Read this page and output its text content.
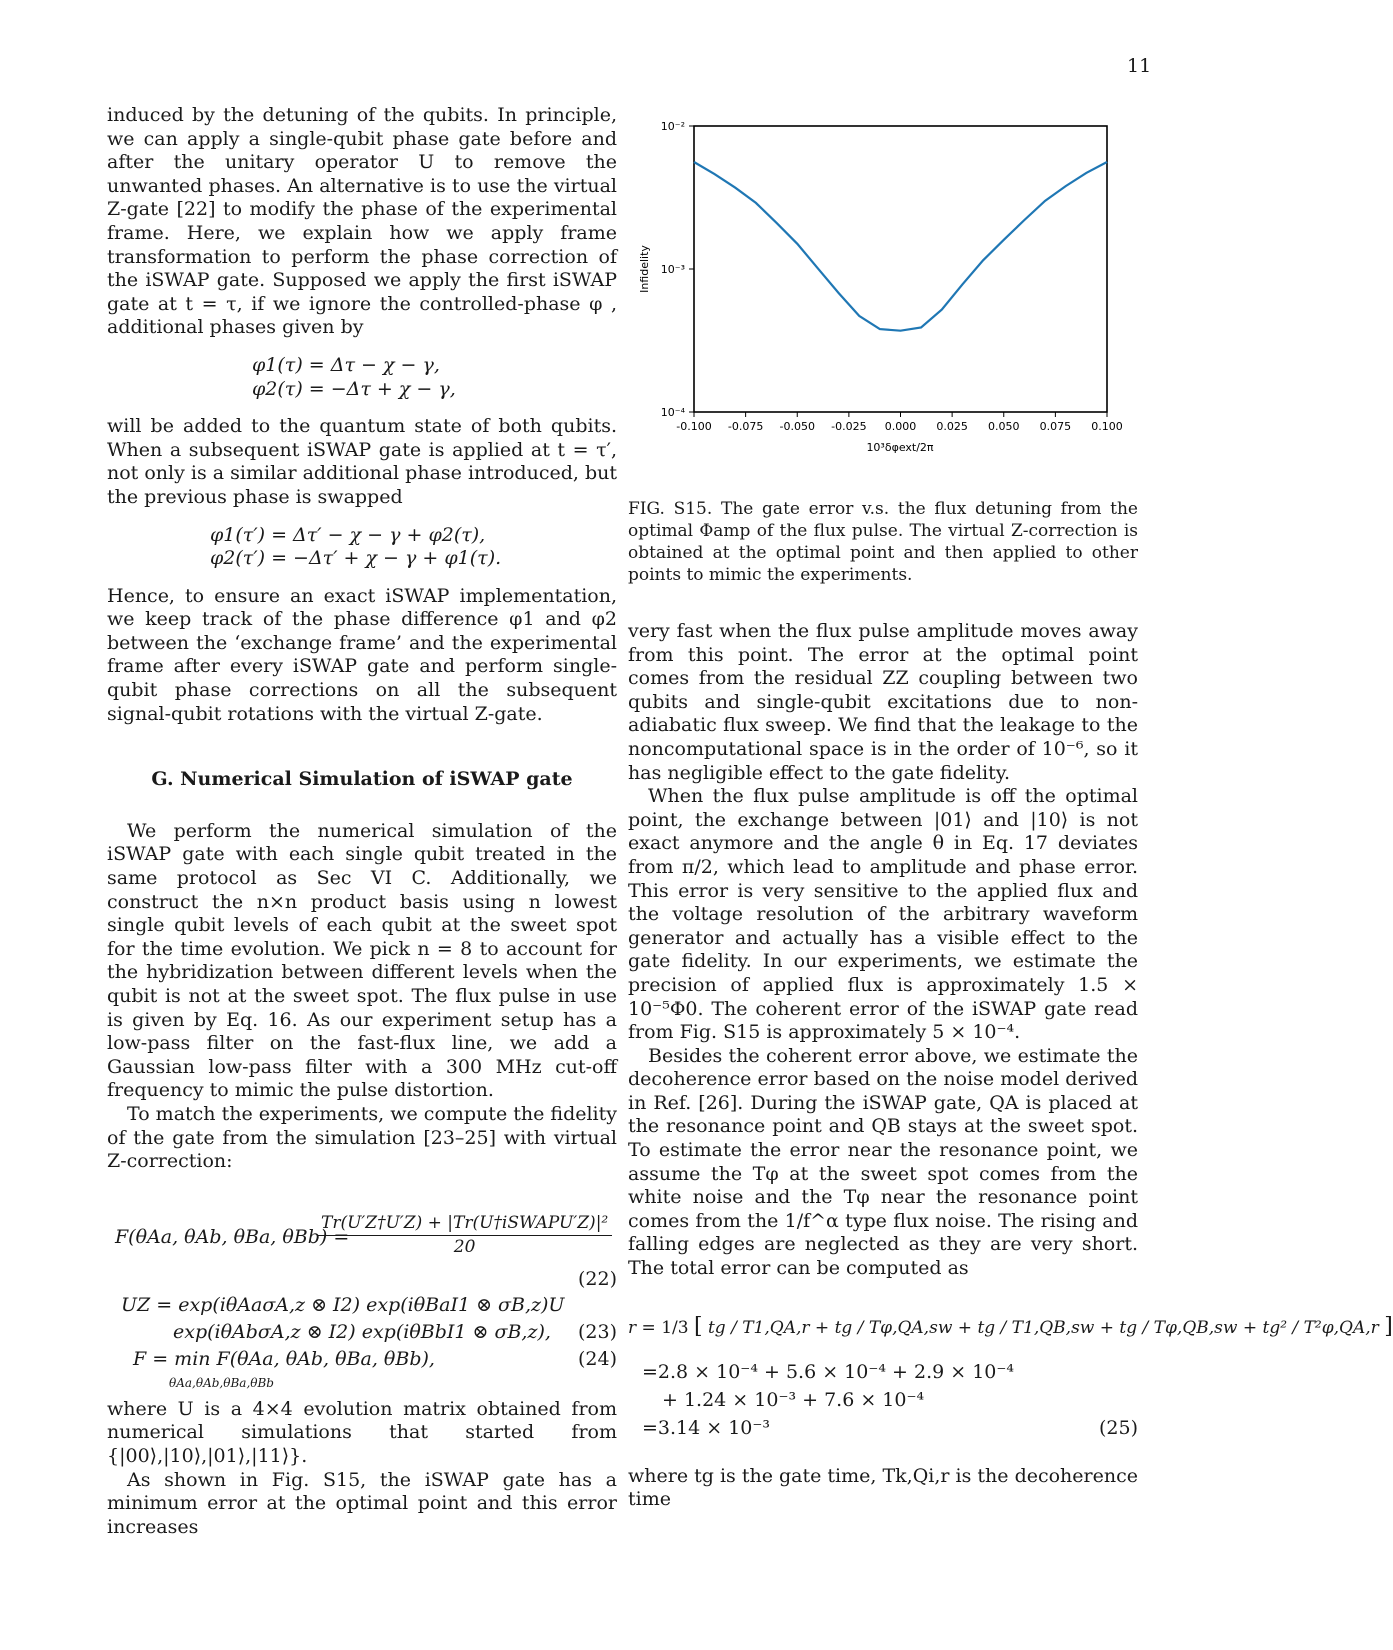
11

induced by the detuning of the qubits. In principle, we can apply a single-qubit phase gate before and after the unitary operator U to remove the unwanted phases. An alternative is to use the virtual Z-gate [22] to modify the phase of the experimental frame. Here, we explain how we apply frame transformation to perform the phase correction of the iSWAP gate. Supposed we apply the first iSWAP gate at t = τ, if we ignore the controlled-phase φ , additional phases given by

φ1(τ) = Δτ − χ − γ,
φ2(τ) = −Δτ + χ − γ,

will be added to the quantum state of both qubits. When a subsequent iSWAP gate is applied at t = τ′, not only is a similar additional phase introduced, but the previous phase is swapped

φ1(τ′) = Δτ′ − χ − γ + φ2(τ),
φ2(τ′) = −Δτ′ + χ − γ + φ1(τ).

Hence, to ensure an exact iSWAP implementation, we keep track of the phase difference φ1 and φ2 between the ‘exchange frame’ and the experimental frame after every iSWAP gate and perform single-qubit phase corrections on all the subsequent signal-qubit rotations with the virtual Z-gate.

G. Numerical Simulation of iSWAP gate

We perform the numerical simulation of the iSWAP gate with each single qubit treated in the same protocol as Sec VI C. Additionally, we construct the n×n product basis using n lowest single qubit levels of each qubit at the sweet spot for the time evolution. We pick n = 8 to account for the hybridization between different levels when the qubit is not at the sweet spot. The flux pulse in use is given by Eq. 16. As our experiment setup has a low-pass filter on the fast-flux line, we add a Gaussian low-pass filter with a 300 MHz cut-off frequency to mimic the pulse distortion.

To match the experiments, we compute the fidelity of the gate from the simulation [23–25] with virtual Z-correction:

F(θAa, θAb, θBa, θBb) =
Tr(U′Z†U′Z) + |Tr(U†iSWAPU′Z)|²
20
(22)
UZ = exp(iθAaσA,z ⊗ I2) exp(iθBaI1 ⊗ σB,z)U
exp(iθAbσA,z ⊗ I2) exp(iθBbI1 ⊗ σB,z), (23)
F = min F(θAa, θAb, θBa, θBb),
θAa,θAb,θBa,θBb
(24)

where U is a 4×4 evolution matrix obtained from numerical simulations that started from {|00⟩,|10⟩,|01⟩,|11⟩}.

As shown in Fig. S15, the iSWAP gate has a minimum error at the optimal point and this error increases

-0.100 -0.075 -0.050 -0.025 0.000 0.025 0.050 0.075 0.100
10⁻⁴
10⁻³
10⁻²
Infidelity
10³δφext/2π
FIG. S15. The gate error v.s. the flux detuning from the optimal Φamp of the flux pulse. The virtual Z-correction is obtained at the optimal point and then applied to other points to mimic the experiments.

very fast when the flux pulse amplitude moves away from this point. The error at the optimal point comes from the residual ZZ coupling between two qubits and single-qubit excitations due to non-adiabatic flux sweep. We find that the leakage to the noncomputational space is in the order of 10⁻⁶, so it has negligible effect to the gate fidelity.

When the flux pulse amplitude is off the optimal point, the exchange between |01⟩ and |10⟩ is not exact anymore and the angle θ in Eq. 17 deviates from π/2, which lead to amplitude and phase error. This error is very sensitive to the applied flux and the voltage resolution of the arbitrary waveform generator and actually has a visible effect to the gate fidelity. In our experiments, we estimate the precision of applied flux is approximately 1.5 × 10⁻⁵Φ0. The coherent error of the iSWAP gate read from Fig. S15 is approximately 5 × 10⁻⁴.

Besides the coherent error above, we estimate the decoherence error based on the noise model derived in Ref. [26]. During the iSWAP gate, QA is placed at the resonance point and QB stays at the sweet spot. To estimate the error near the resonance point, we assume the Tφ at the sweet spot comes from the white noise and the Tφ near the resonance point comes from the 1/f^α type flux noise. The rising and falling edges are neglected as they are very short. The total error can be computed as

r = 1/3 [ tg / T1,QA,r + tg / Tφ,QA,sw + tg / T1,QB,sw + tg / Tφ,QB,sw + tg² / T²φ,QA,r ]
=2.8 × 10⁻⁴ + 5.6 × 10⁻⁴ + 2.9 × 10⁻⁴
+ 1.24 × 10⁻³ + 7.6 × 10⁻⁴
=3.14 × 10⁻³	(25)

where tg is the gate time, Tk,Qi,r is the decoherence time
